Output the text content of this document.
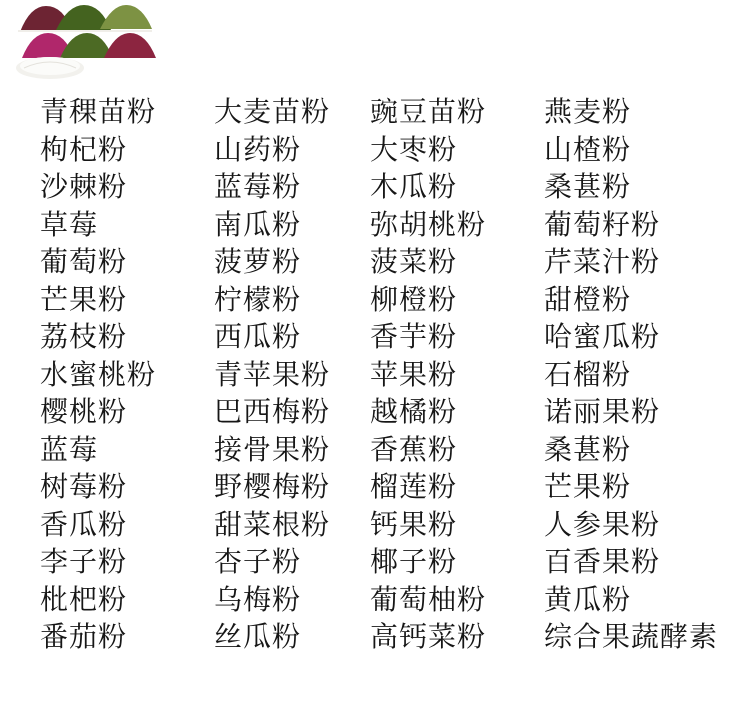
青稞苗粉	大麦苗粉	豌豆苗粉	燕麦粉
枸杞粉	山药粉	大枣粉	山楂粉
沙棘粉	蓝莓粉	木瓜粉	桑葚粉
草莓	南瓜粉	弥胡桃粉	葡萄籽粉
葡萄粉	菠萝粉	菠菜粉	芹菜汁粉
芒果粉	柠檬粉	柳橙粉	甜橙粉
荔枝粉	西瓜粉	香芋粉	哈蜜瓜粉
水蜜桃粉	青苹果粉	苹果粉	石榴粉
樱桃粉	巴西梅粉	越橘粉	诺丽果粉
蓝莓	接骨果粉	香蕉粉	桑葚粉
树莓粉	野樱梅粉	榴莲粉	芒果粉
香瓜粉	甜菜根粉	钙果粉	人参果粉
李子粉	杏子粉	椰子粉	百香果粉
枇杷粉	乌梅粉	葡萄柚粉	黄瓜粉
番茄粉	丝瓜粉	高钙菜粉	综合果蔬酵素
